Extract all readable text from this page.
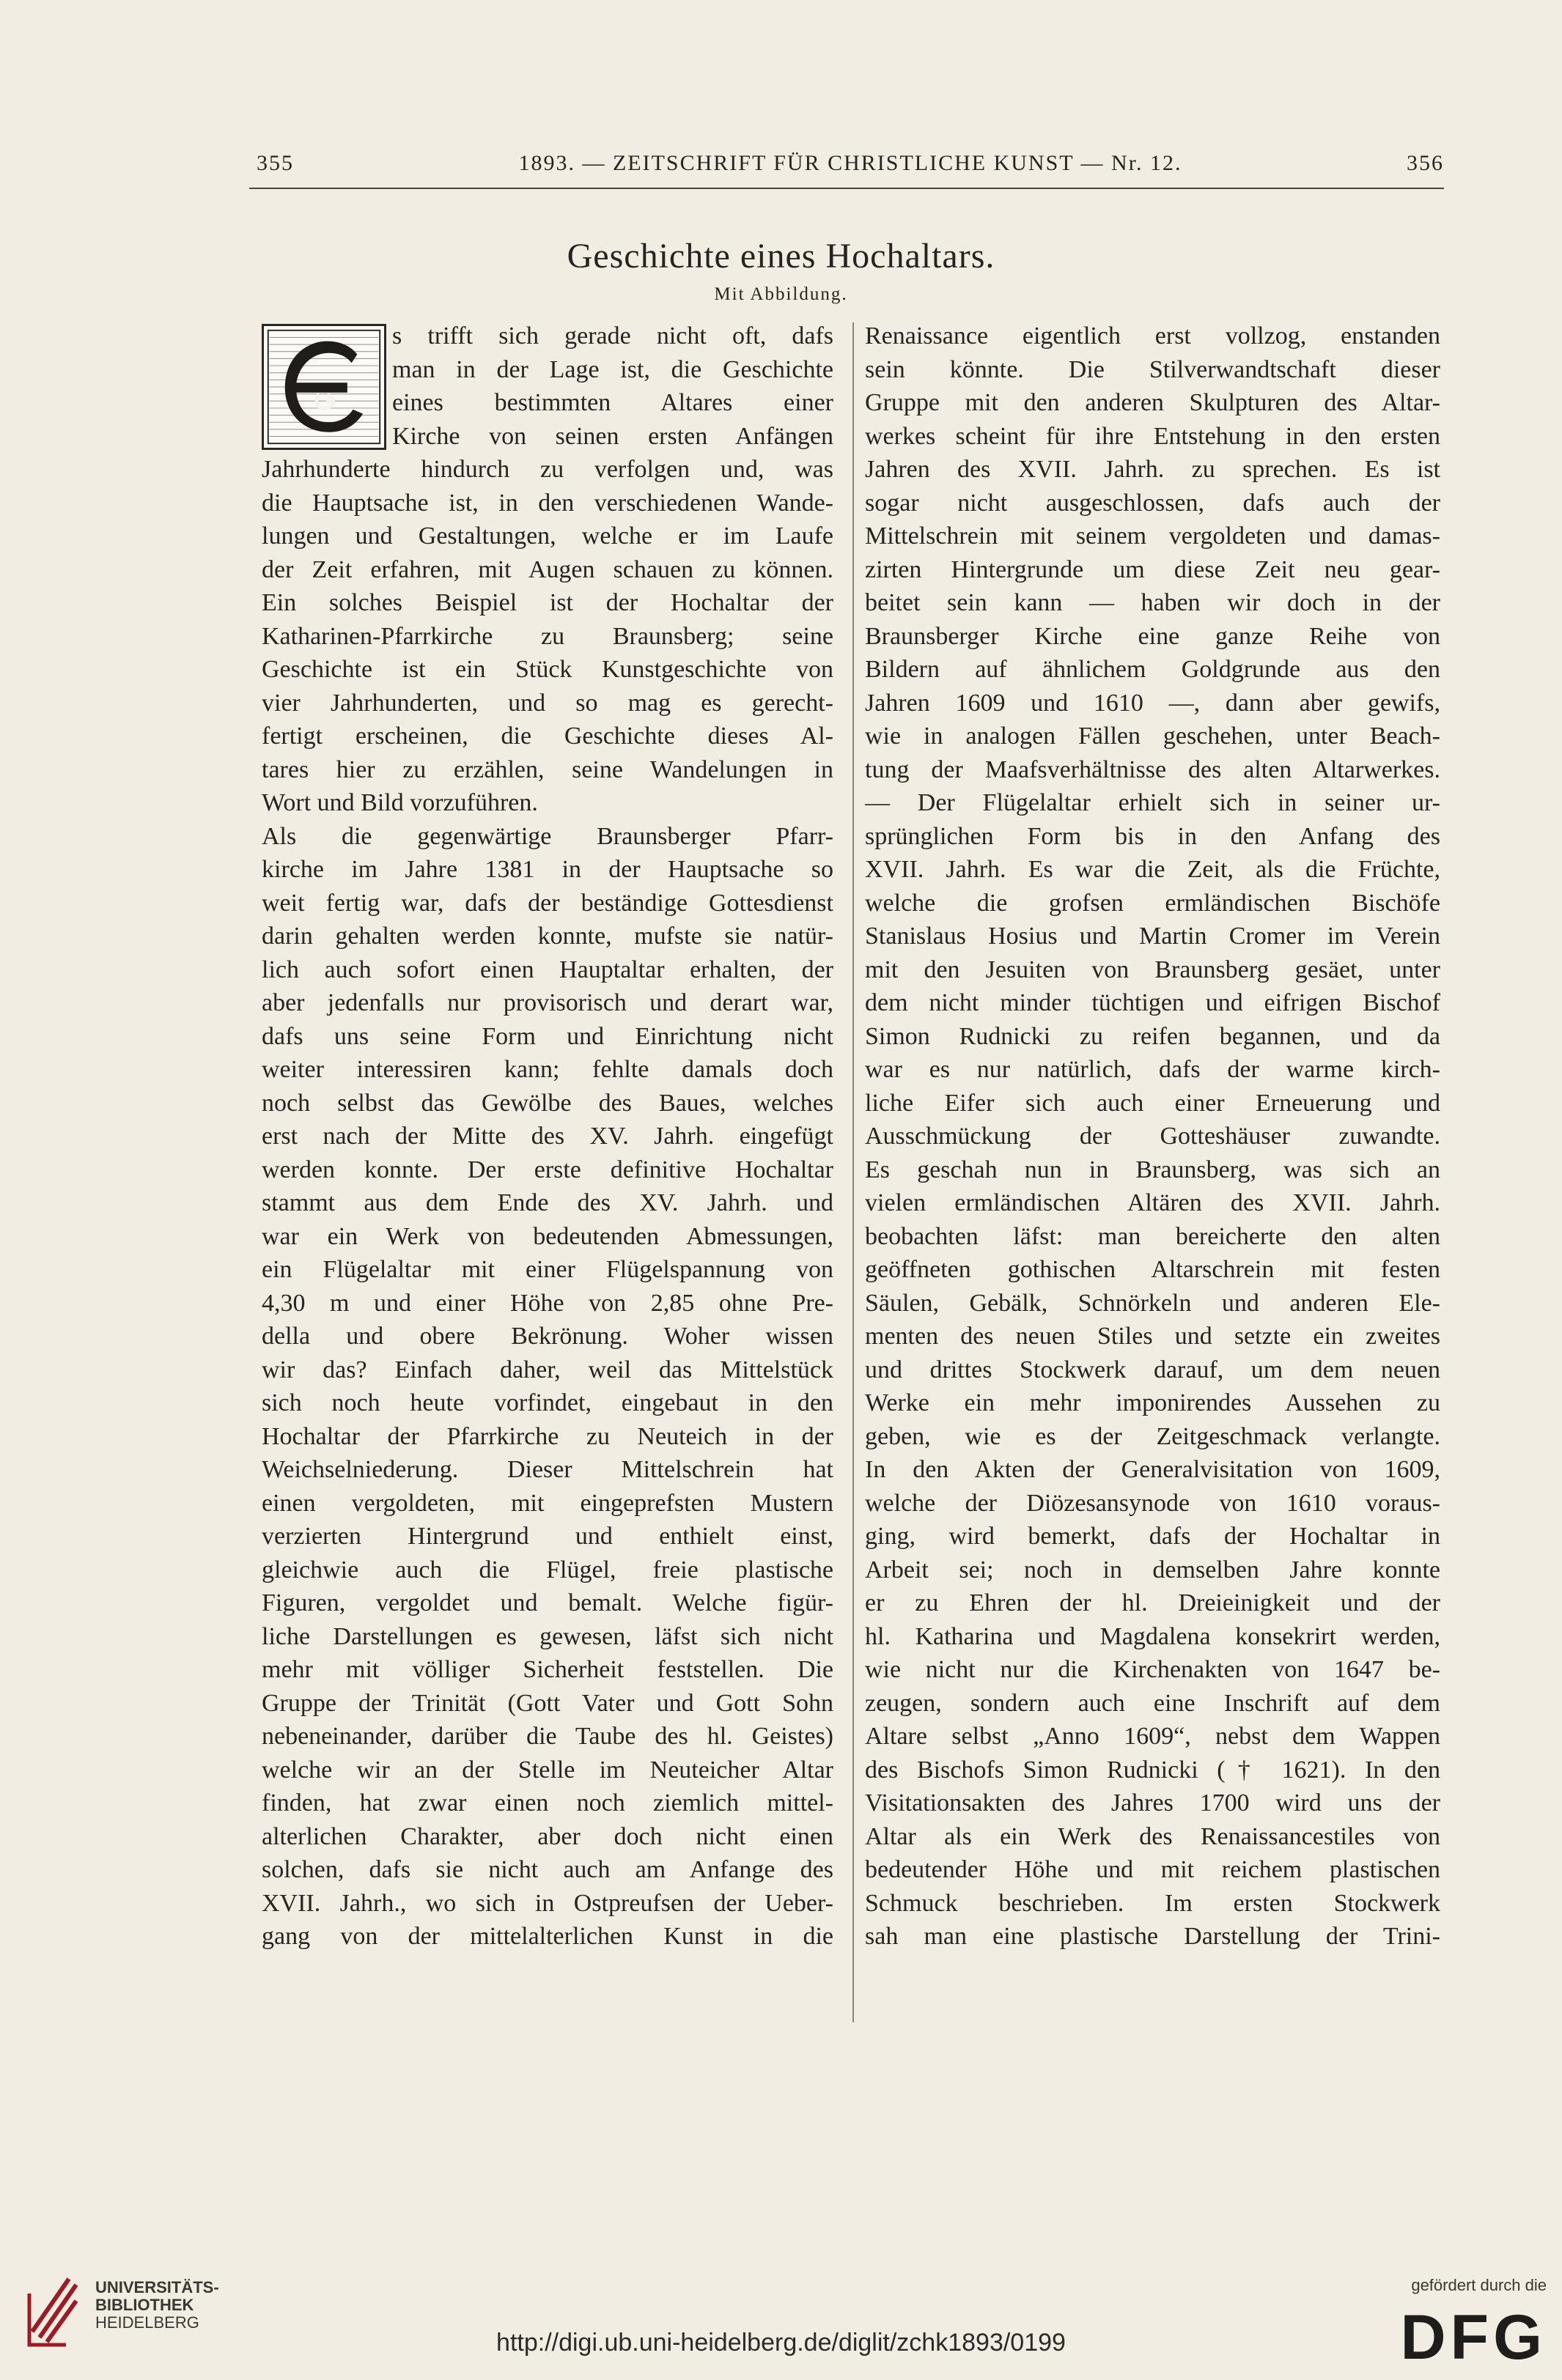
355	1893. — ZEITSCHRIFT FÜR CHRISTLICHE KUNST — Nr. 12.	356
Geschichte eines Hochaltars.
Mit Abbildung.
s trifft sich gerade nicht oft, dafs
man in der Lage ist, die Geschichte
eines bestimmten Altares einer
Kirche von seinen ersten Anfängen
Jahrhunderte hindurch zu verfolgen und, was
die Hauptsache ist, in den verschiedenen Wande-
lungen und Gestaltungen, welche er im Laufe
der Zeit erfahren, mit Augen schauen zu können.
Ein solches Beispiel ist der Hochaltar der
Katharinen-Pfarrkirche zu Braunsberg; seine
Geschichte ist ein Stück Kunstgeschichte von
vier Jahrhunderten, und so mag es gerecht-
fertigt erscheinen, die Geschichte dieses Al-
tares hier zu erzählen, seine Wandelungen in
Wort und Bild vorzuführen.
Als die gegenwärtige Braunsberger Pfarr-
kirche im Jahre 1381 in der Hauptsache so
weit fertig war, dafs der beständige Gottesdienst
darin gehalten werden konnte, mufste sie natür-
lich auch sofort einen Hauptaltar erhalten, der
aber jedenfalls nur provisorisch und derart war,
dafs uns seine Form und Einrichtung nicht
weiter interessiren kann; fehlte damals doch
noch selbst das Gewölbe des Baues, welches
erst nach der Mitte des XV. Jahrh. eingefügt
werden konnte. Der erste definitive Hochaltar
stammt aus dem Ende des XV. Jahrh. und
war ein Werk von bedeutenden Abmessungen,
ein Flügelaltar mit einer Flügelspannung von
4,30 m und einer Höhe von 2,85 ohne Pre-
della und obere Bekrönung. Woher wissen
wir das? Einfach daher, weil das Mittelstück
sich noch heute vorfindet, eingebaut in den
Hochaltar der Pfarrkirche zu Neuteich in der
Weichselniederung. Dieser Mittelschrein hat
einen vergoldeten, mit eingeprefsten Mustern
verzierten Hintergrund und enthielt einst,
gleichwie auch die Flügel, freie plastische
Figuren, vergoldet und bemalt. Welche figür-
liche Darstellungen es gewesen, läfst sich nicht
mehr mit völliger Sicherheit feststellen. Die
Gruppe der Trinität (Gott Vater und Gott Sohn
nebeneinander, darüber die Taube des hl. Geistes)
welche wir an der Stelle im Neuteicher Altar
finden, hat zwar einen noch ziemlich mittel-
alterlichen Charakter, aber doch nicht einen
solchen, dafs sie nicht auch am Anfange des
XVII. Jahrh., wo sich in Ostpreufsen der Ueber-
gang von der mittelalterlichen Kunst in die
Renaissance eigentlich erst vollzog, enstanden
sein könnte. Die Stilverwandtschaft dieser
Gruppe mit den anderen Skulpturen des Altar-
werkes scheint für ihre Entstehung in den ersten
Jahren des XVII. Jahrh. zu sprechen. Es ist
sogar nicht ausgeschlossen, dafs auch der
Mittelschrein mit seinem vergoldeten und damas-
zirten Hintergrunde um diese Zeit neu gear-
beitet sein kann — haben wir doch in der
Braunsberger Kirche eine ganze Reihe von
Bildern auf ähnlichem Goldgrunde aus den
Jahren 1609 und 1610 —, dann aber gewifs,
wie in analogen Fällen geschehen, unter Beach-
tung der Maafsverhältnisse des alten Altarwerkes.
— Der Flügelaltar erhielt sich in seiner ur-
sprünglichen Form bis in den Anfang des
XVII. Jahrh. Es war die Zeit, als die Früchte,
welche die grofsen ermländischen Bischöfe
Stanislaus Hosius und Martin Cromer im Verein
mit den Jesuiten von Braunsberg gesäet, unter
dem nicht minder tüchtigen und eifrigen Bischof
Simon Rudnicki zu reifen begannen, und da
war es nur natürlich, dafs der warme kirch-
liche Eifer sich auch einer Erneuerung und
Ausschmückung der Gotteshäuser zuwandte.
Es geschah nun in Braunsberg, was sich an
vielen ermländischen Altären des XVII. Jahrh.
beobachten läfst: man bereicherte den alten
geöffneten gothischen Altarschrein mit festen
Säulen, Gebälk, Schnörkeln und anderen Ele-
menten des neuen Stiles und setzte ein zweites
und drittes Stockwerk darauf, um dem neuen
Werke ein mehr imponirendes Aussehen zu
geben, wie es der Zeitgeschmack verlangte.
In den Akten der Generalvisitation von 1609,
welche der Diözesansynode von 1610 voraus-
ging, wird bemerkt, dafs der Hochaltar in
Arbeit sei; noch in demselben Jahre konnte
er zu Ehren der hl. Dreieinigkeit und der
hl. Katharina und Magdalena konsekrirt werden,
wie nicht nur die Kirchenakten von 1647 be-
zeugen, sondern auch eine Inschrift auf dem
Altare selbst „Anno 1609“, nebst dem Wappen
des Bischofs Simon Rudnicki († 1621). In den
Visitationsakten des Jahres 1700 wird uns der
Altar als ein Werk des Renaissancestiles von
bedeutender Höhe und mit reichem plastischen
Schmuck beschrieben. Im ersten Stockwerk
sah man eine plastische Darstellung der Trini-
UNIVERSITÄTS-
BIBLIOTHEK
HEIDELBERG
http://digi.ub.uni-heidelberg.de/diglit/zchk1893/0199
gefördert durch die
DFG
